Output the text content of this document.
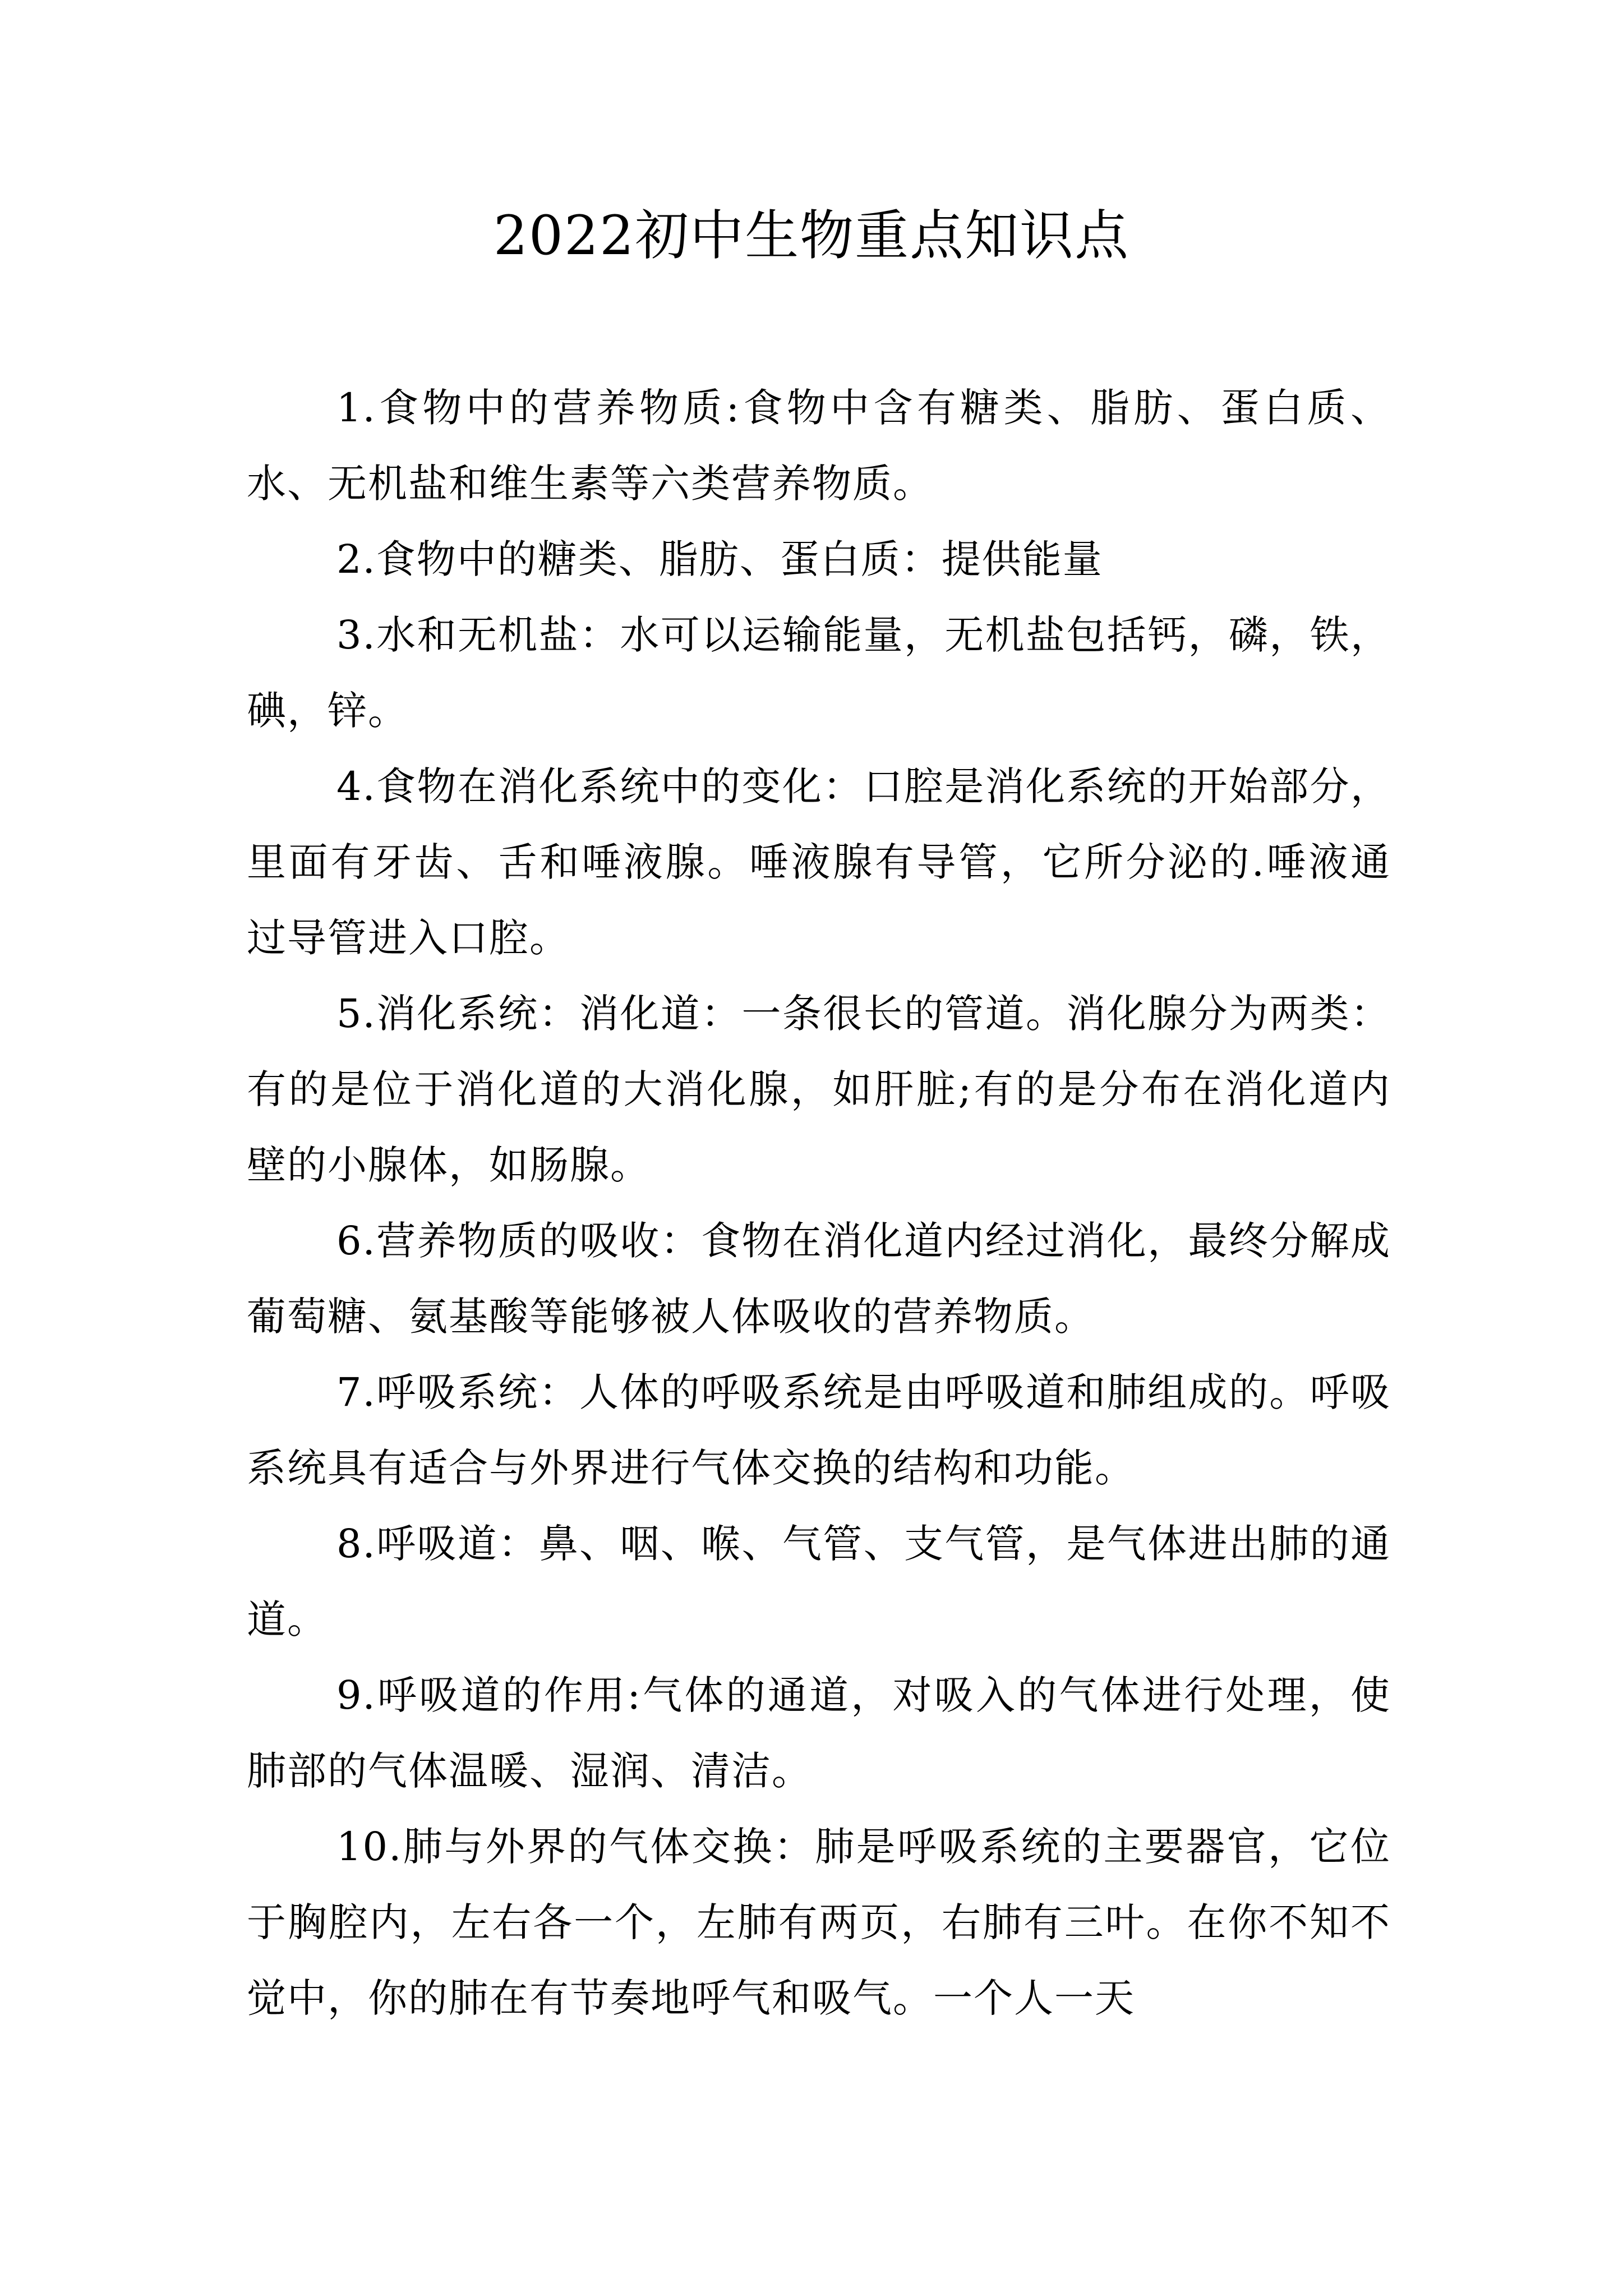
2022初中生物重点知识点

1.食物中的营养物质:食物中含有糖类、脂肪、蛋白质、水、无机盐和维生素等六类营养物质。

2.食物中的糖类、脂肪、蛋白质：提供能量

3.水和无机盐：水可以运输能量，无机盐包括钙，磷，铁，碘，锌。

4.食物在消化系统中的变化：口腔是消化系统的开始部分，里面有牙齿、舌和唾液腺。唾液腺有导管，它所分泌的.唾液通过导管进入口腔。

5.消化系统：消化道：一条很长的管道。消化腺分为两类：有的是位于消化道的大消化腺，如肝脏;有的是分布在消化道内壁的小腺体，如肠腺。

6.营养物质的吸收：食物在消化道内经过消化，最终分解成葡萄糖、氨基酸等能够被人体吸收的营养物质。

7.呼吸系统：人体的呼吸系统是由呼吸道和肺组成的。呼吸系统具有适合与外界进行气体交换的结构和功能。

8.呼吸道：鼻、咽、喉、气管、支气管，是气体进出肺的通道。

9.呼吸道的作用:气体的通道，对吸入的气体进行处理，使肺部的气体温暖、湿润、清洁。

10.肺与外界的气体交换：肺是呼吸系统的主要器官，它位于胸腔内，左右各一个，左肺有两页，右肺有三叶。在你不知不觉中，你的肺在有节奏地呼气和吸气。一个人一天
